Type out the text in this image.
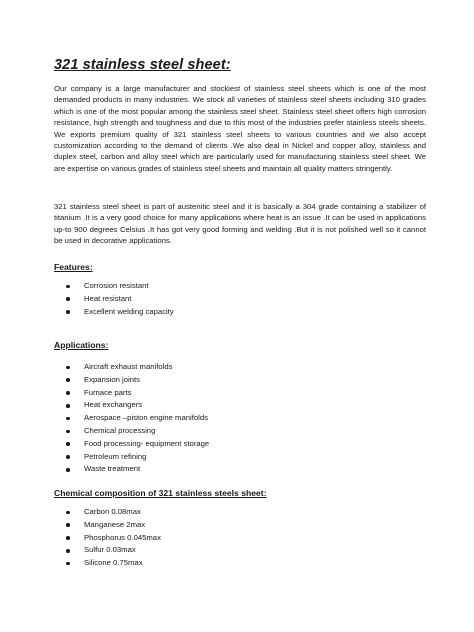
321 stainless steel sheet:

Our company is a large manufacturer and stockiest of stainless steel sheets which is one of the most demanded products in many industries. We stock all varieties of stainless steel sheets including 310 grades which is one of the most popular among the stainless steel sheet. Stainless steel sheet offers high corrosion resistance, high strength and toughness and due to this most of the industries prefer stainless steels sheets. We exports premium quality of 321 stainless steel sheets to various countries and we also accept customization according to the demand of clients .We also deal in Nickel and copper alloy, stainless and duplex steel, carbon and alloy steel which are particularly used for manufacturing stainless steel sheet. We are expertise on various grades of stainless steel sheets and maintain all quality matters stringently.

321 stainless steel sheet is part of austenitic steel and it is basically a 304 grade containing a stabilizer of titanium .It is a very good choice for many applications where heat is an issue .It can be used in applications up-to 900 degrees Celsius .It has got very good forming and welding .But it is not polished well so it cannot be used in decorative applications.

Features:
Corrosion resistant
Heat resistant
Excellent welding capacity
Applications:
Aircraft exhaust manifolds
Expansion joints
Furnace parts
Heat exchangers
Aerospace –piston engine manifolds
Chemical processing
Food processing- equipment storage
Petroleum refining
Waste treatment
Chemical composition of 321 stainless steels sheet:
Carbon 0.08max
Manganese 2max
Phosphorus 0.045max
Sulfur 0.03max
Silicone 0.75max
